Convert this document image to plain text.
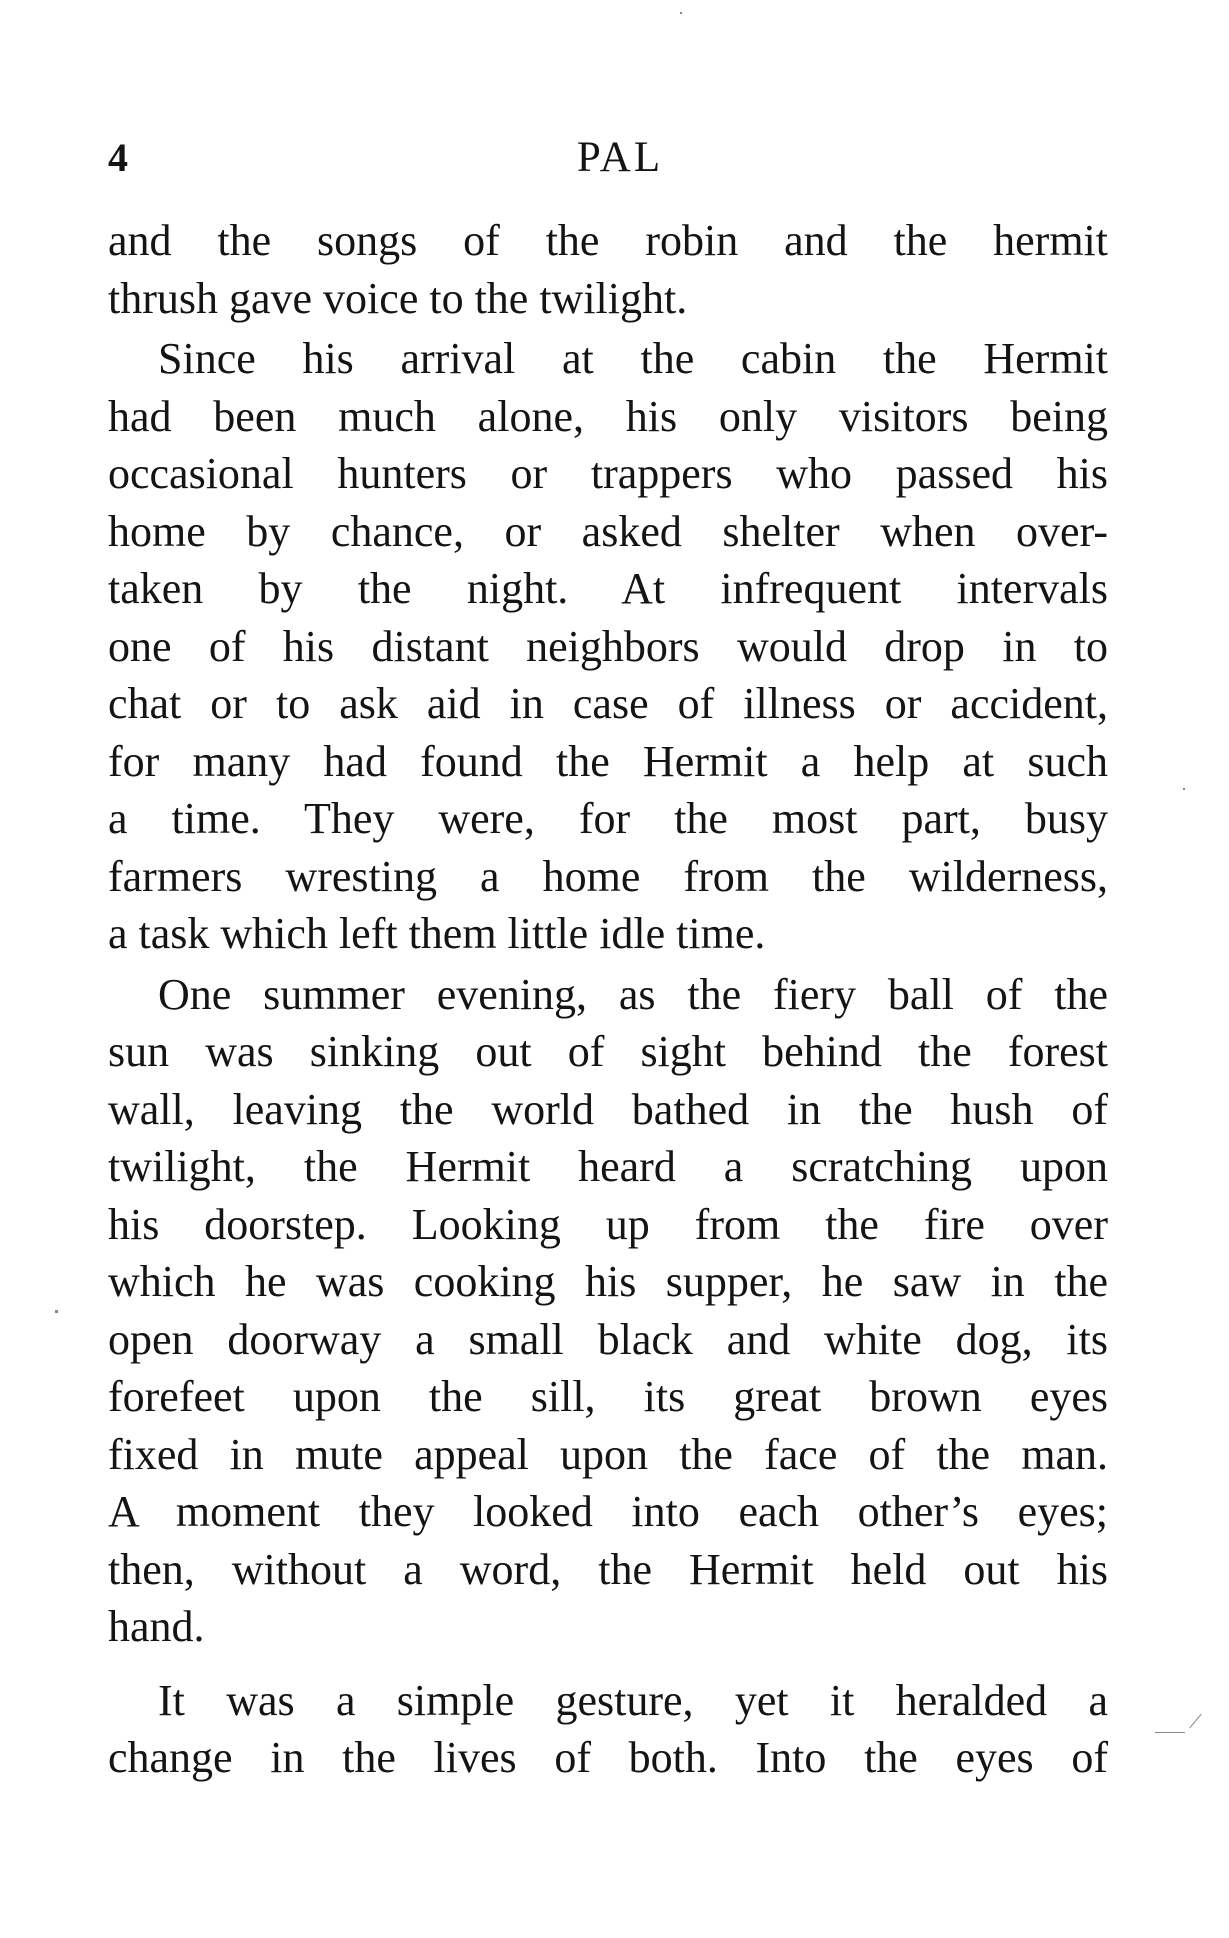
4	PAL

and the songs of the robin and the hermit
thrush gave voice to the twilight.

Since his arrival at the cabin the Hermit
had been much alone, his only visitors being
occasional hunters or trappers who passed his
home by chance, or asked shelter when over-
taken by the night. At infrequent intervals
one of his distant neighbors would drop in to
chat or to ask aid in case of illness or accident,
for many had found the Hermit a help at such
a time. They were, for the most part, busy
farmers wresting a home from the wilderness,
a task which left them little idle time.

One summer evening, as the fiery ball of the
sun was sinking out of sight behind the forest
wall, leaving the world bathed in the hush of
twilight, the Hermit heard a scratching upon
his doorstep. Looking up from the fire over
which he was cooking his supper, he saw in the
open doorway a small black and white dog, its
forefeet upon the sill, its great brown eyes
fixed in mute appeal upon the face of the man.
A moment they looked into each other’s eyes;
then, without a word, the Hermit held out his
hand.

It was a simple gesture, yet it heralded a
change in the lives of both. Into the eyes of
